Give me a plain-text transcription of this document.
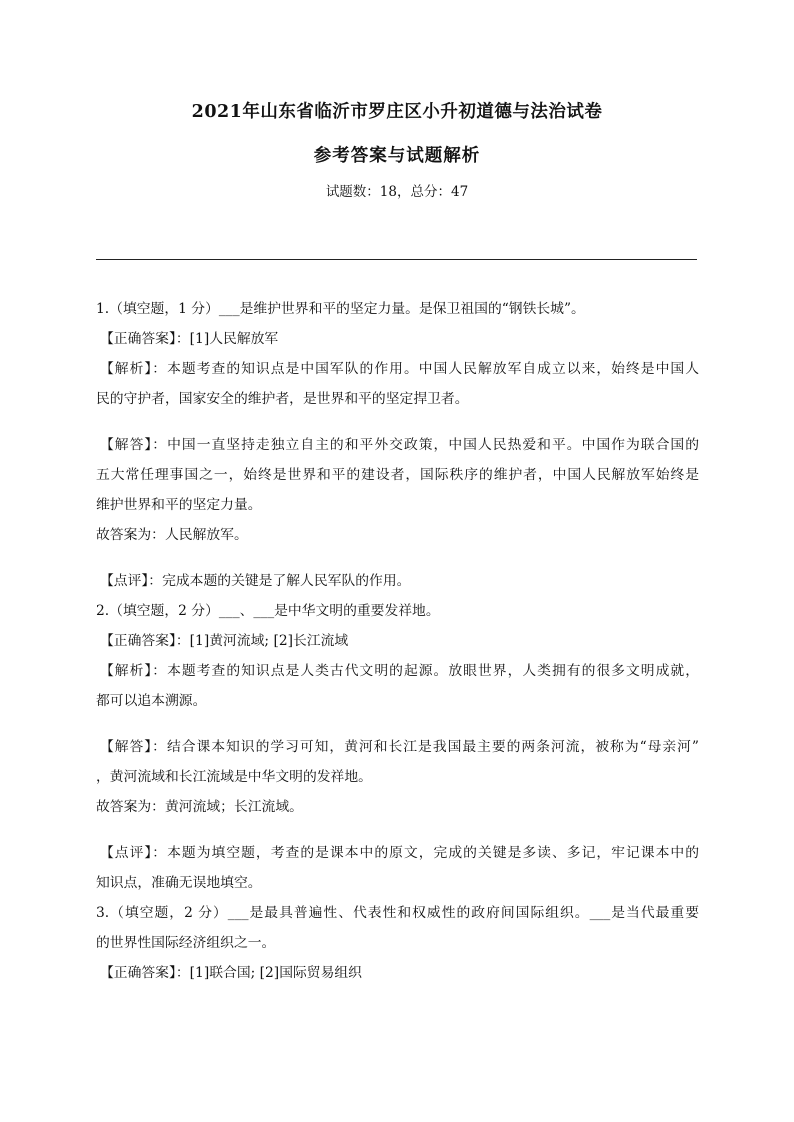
2021年山东省临沂市罗庄区小升初道德与法治试卷
参考答案与试题解析
试题数：18，总分：47
1.（填空题，1 分）___是维护世界和平的坚定力量。是保卫祖国的“钢铁长城”。
【正确答案】：[1]人民解放军
【解析】：本题考查的知识点是中国军队的作用。中国人民解放军自成立以来，始终是中国人
民的守护者，国家安全的维护者，是世界和平的坚定捍卫者。
【解答】：中国一直坚持走独立自主的和平外交政策，中国人民热爱和平。中国作为联合国的
五大常任理事国之一，始终是世界和平的建设者，国际秩序的维护者，中国人民解放军始终是
维护世界和平的坚定力量。
故答案为：人民解放军。
【点评】：完成本题的关键是了解人民军队的作用。
2.（填空题，2 分）___、___是中华文明的重要发祥地。
【正确答案】：[1]黄河流域; [2]长江流域
【解析】：本题考查的知识点是人类古代文明的起源。放眼世界，人类拥有的很多文明成就，
都可以追本溯源。
【解答】：结合课本知识的学习可知，黄河和长江是我国最主要的两条河流，被称为“母亲河”
，黄河流域和长江流域是中华文明的发祥地。
故答案为：黄河流域；长江流域。
【点评】：本题为填空题，考查的是课本中的原文，完成的关键是多读、多记，牢记课本中的
知识点，准确无误地填空。
3.（填空题，2 分）___是最具普遍性、代表性和权威性的政府间国际组织。___是当代最重要
的世界性国际经济组织之一。
【正确答案】：[1]联合国; [2]国际贸易组织
